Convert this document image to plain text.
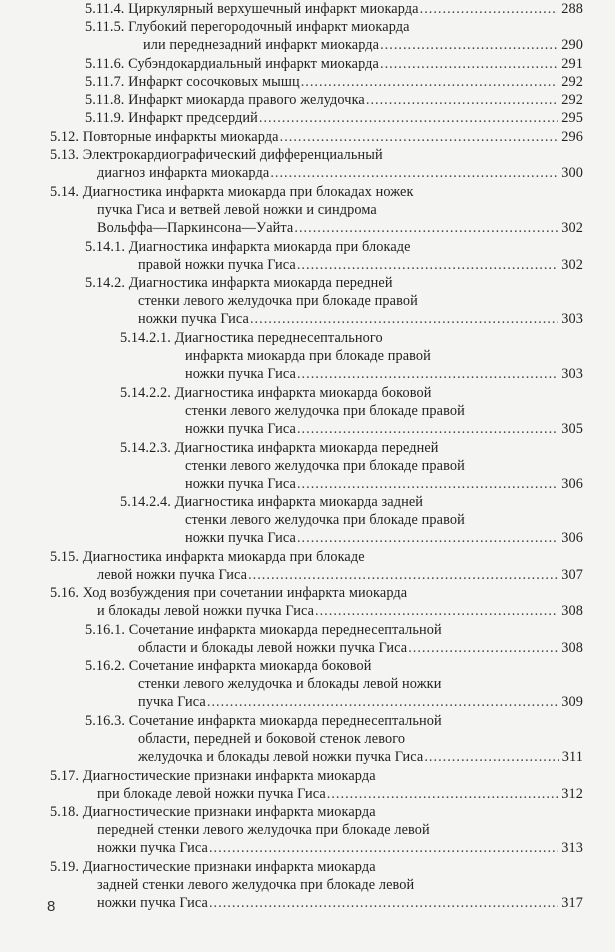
5.11.4. Циркулярный верхушечный инфаркт миокарда .....	288
5.11.5. Глубокий перегородочный инфаркт миокарда
или переднезадний инфаркт миокарда .....	290
5.11.6. Субэндокардиальный инфаркт миокарда .....	291
5.11.7. Инфаркт сосочковых мышц .....	292
5.11.8. Инфаркт миокарда правого желудочка .....	292
5.11.9. Инфаркт предсердий .....	295
5.12. Повторные инфаркты миокарда .....	296
5.13. Электрокардиографический дифференциальный
диагноз инфаркта миокарда .....	300
5.14. Диагностика инфаркта миокарда при блокадах ножек
пучка Гиса и ветвей левой ножки и синдрома
Вольффа—Паркинсона—Уайта .....	302
5.14.1. Диагностика инфаркта миокарда при блокаде
правой ножки пучка Гиса .....	302
5.14.2. Диагностика инфаркта миокарда передней
стенки левого желудочка при блокаде правой
ножки пучка Гиса .....	303
5.14.2.1. Диагностика переднесептального
инфаркта миокарда при блокаде правой
ножки пучка Гиса .....	303
5.14.2.2. Диагностика инфаркта миокарда боковой
стенки левого желудочка при блокаде правой
ножки пучка Гиса .....	305
5.14.2.3. Диагностика инфаркта миокарда передней
стенки левого желудочка при блокаде правой
ножки пучка Гиса .....	306
5.14.2.4. Диагностика инфаркта миокарда задней
стенки левого желудочка при блокаде правой
ножки пучка Гиса .....	306
5.15. Диагностика инфаркта миокарда при блокаде
левой ножки пучка Гиса .....	307
5.16. Ход возбуждения при сочетании инфаркта миокарда
и блокады левой ножки пучка Гиса .....	308
5.16.1. Сочетание инфаркта миокарда переднесептальной
области и блокады левой ножки пучка Гиса .....	308
5.16.2. Сочетание инфаркта миокарда боковой
стенки левого желудочка и блокады левой ножки
пучка Гиса .....	309
5.16.3. Сочетание инфаркта миокарда переднесептальной
области, передней и боковой стенок левого
желудочка и блокады левой ножки пучка Гиса .....	311
5.17. Диагностические признаки инфаркта миокарда
при блокаде левой ножки пучка Гиса .....	312
5.18. Диагностические признаки инфаркта миокарда
передней стенки левого желудочка при блокаде левой
ножки пучка Гиса .....	313
5.19. Диагностические признаки инфаркта миокарда
задней стенки левого желудочка при блокаде левой
ножки пучка Гиса .....	317
8
